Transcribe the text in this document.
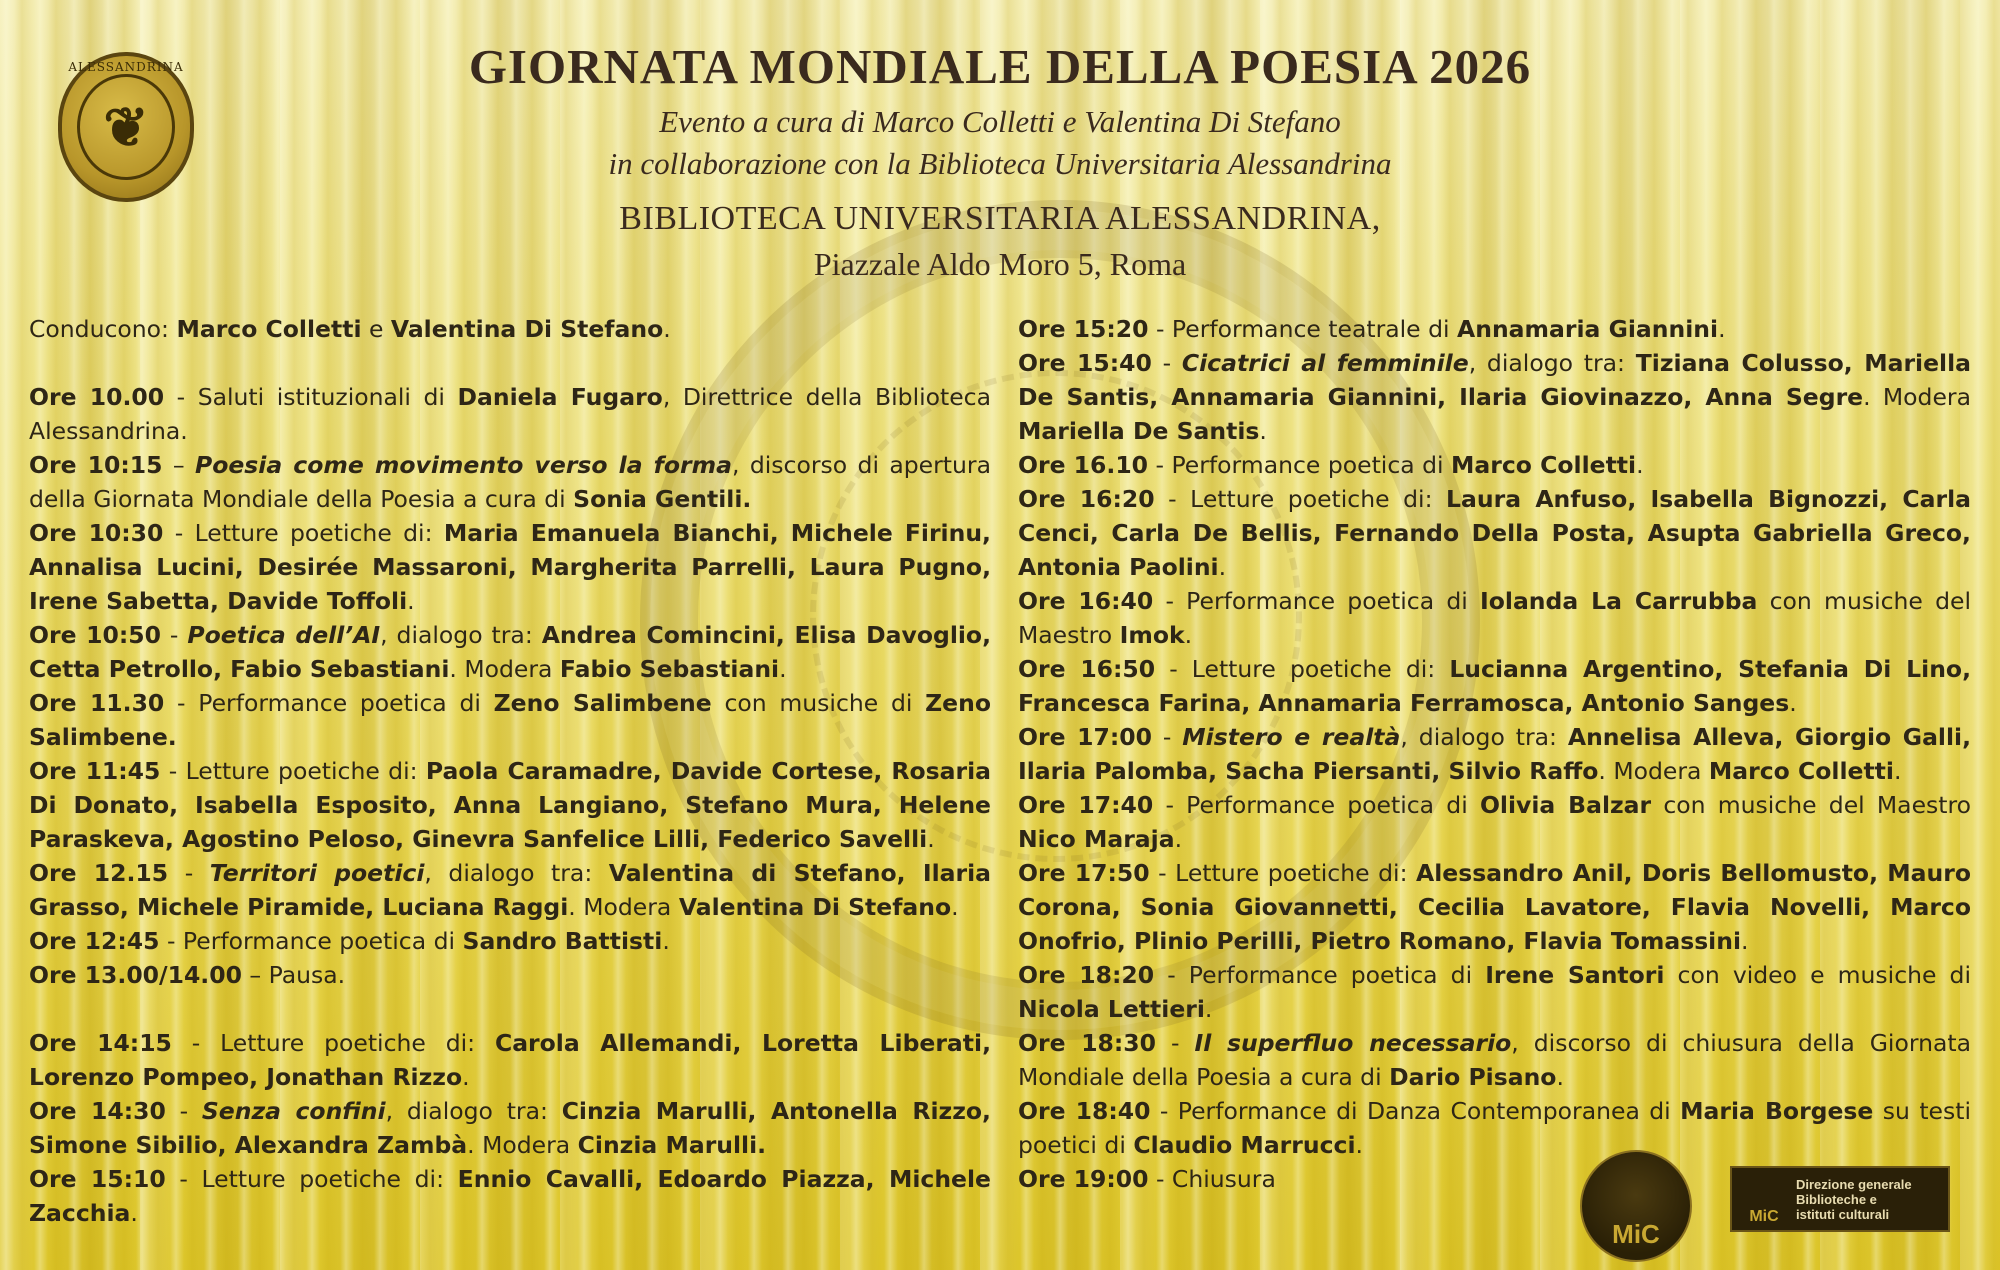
ALESSANDRINA
❦
GIORNATA MONDIALE DELLA POESIA 2026
Evento a cura di Marco Colletti e Valentina Di Stefano
in collaborazione con la Biblioteca Universitaria Alessandrina
BIBLIOTECA UNIVERSITARIA ALESSANDRINA,
Piazzale Aldo Moro 5, Roma

Conducono: Marco Colletti e Valentina Di Stefano.

Ore 10.00 - Saluti istituzionali di Daniela Fugaro, Direttrice della Biblioteca Alessandrina.

Ore 10:15 – Poesia come movimento verso la forma, discorso di apertura della Giornata Mondiale della Poesia a cura di Sonia Gentili.

Ore 10:30 - Letture poetiche di: Maria Emanuela Bianchi, Michele Firinu, Annalisa Lucini, Desirée Massaroni, Margherita Parrelli, Laura Pugno, Irene Sabetta, Davide Toffoli.

Ore 10:50 - Poetica dell’AI, dialogo tra: Andrea Comincini, Elisa Davoglio, Cetta Petrollo, Fabio Sebastiani. Modera Fabio Sebastiani.

Ore 11.30 - Performance poetica di Zeno Salimbene con musiche di Zeno Salimbene.

Ore 11:45 - Letture poetiche di: Paola Caramadre, Davide Cortese, Rosaria Di Donato, Isabella Esposito, Anna Langiano, Stefano Mura, Helene Paraskeva, Agostino Peloso, Ginevra Sanfelice Lilli, Federico Savelli.

Ore 12.15 - Territori poetici, dialogo tra: Valentina di Stefano, Ilaria Grasso, Michele Piramide, Luciana Raggi. Modera Valentina Di Stefano.

Ore 12:45 - Performance poetica di Sandro Battisti.

Ore 13.00/14.00 – Pausa.

Ore 14:15 - Letture poetiche di: Carola Allemandi, Loretta Liberati, Lorenzo Pompeo, Jonathan Rizzo.

Ore 14:30 - Senza confini, dialogo tra: Cinzia Marulli, Antonella Rizzo, Simone Sibilio, Alexandra Zambà. Modera Cinzia Marulli.

Ore 15:10 - Letture poetiche di: Ennio Cavalli, Edoardo Piazza, Michele Zacchia.

Ore 15:20 - Performance teatrale di Annamaria Giannini.

Ore 15:40 - Cicatrici al femminile, dialogo tra: Tiziana Colusso, Mariella De Santis, Annamaria Giannini, Ilaria Giovinazzo, Anna Segre. Modera Mariella De Santis.

Ore 16.10 - Performance poetica di Marco Colletti.

Ore 16:20 - Letture poetiche di: Laura Anfuso, Isabella Bignozzi, Carla Cenci, Carla De Bellis, Fernando Della Posta, Asupta Gabriella Greco, Antonia Paolini.

Ore 16:40 - Performance poetica di Iolanda La Carrubba con musiche del Maestro Imok.

Ore 16:50 - Letture poetiche di: Lucianna Argentino, Stefania Di Lino, Francesca Farina, Annamaria Ferramosca, Antonio Sanges.

Ore 17:00 - Mistero e realtà, dialogo tra: Annelisa Alleva, Giorgio Galli, Ilaria Palomba, Sacha Piersanti, Silvio Raffo. Modera Marco Colletti.

Ore 17:40 - Performance poetica di Olivia Balzar con musiche del Maestro Nico Maraja.

Ore 17:50 - Letture poetiche di: Alessandro Anil, Doris Bellomusto, Mauro Corona, Sonia Giovannetti, Cecilia Lavatore, Flavia Novelli, Marco Onofrio, Plinio Perilli, Pietro Romano, Flavia Tomassini.

Ore 18:20 - Performance poetica di Irene Santori con video e musiche di Nicola Lettieri.

Ore 18:30 - Il superfluo necessario, discorso di chiusura della Giornata Mondiale della Poesia a cura di Dario Pisano.

Ore 18:40 - Performance di Danza Contemporanea di Maria Borgese su testi poetici di Claudio Marrucci.

Ore 19:00 - Chiusura

MiC
MiC
Direzione generale
Biblioteche e
istituti culturali
